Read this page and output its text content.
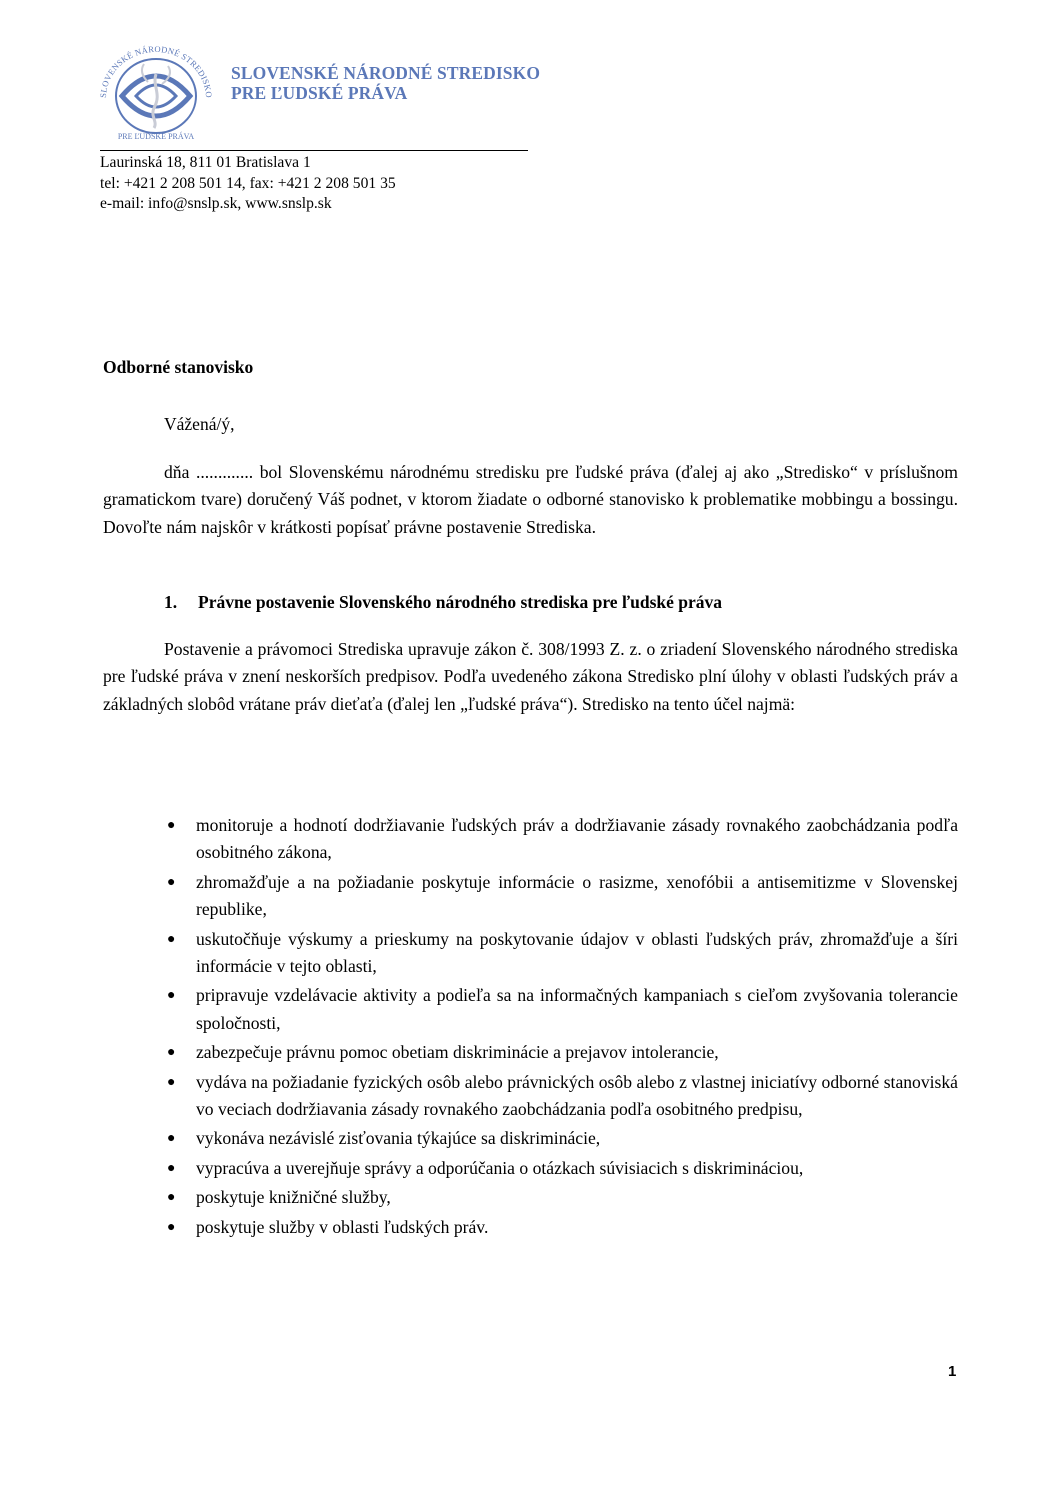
SLOVENSKÉ NÁRODNÉ STREDISKO
PRE ĽUDSKÉ PRÁVA
SLOVENSKÉ NÁRODNÉ STREDISKO
PRE ĽUDSKÉ PRÁVA
Laurinská 18, 811 01 Bratislava 1
tel: +421 2 208 501 14, fax: +421 2 208 501 35
e-mail: info@snslp.sk, www.snslp.sk
Odborné stanovisko
Vážená/ý,
dňa ............. bol Slovenskému národnému stredisku pre ľudské práva (ďalej aj ako „Stredisko“ v príslušnom gramatickom tvare) doručený Váš podnet, v ktorom žiadate o odborné stanovisko k problematike mobbingu a bossingu. Dovoľte nám najskôr v krátkosti popísať právne postavenie Strediska.
1. Právne postavenie Slovenského národného strediska pre ľudské práva
Postavenie a právomoci Strediska upravuje zákon č. 308/1993 Z. z. o zriadení Slovenského národného strediska pre ľudské práva v znení neskorších predpisov. Podľa uvedeného zákona Stredisko plní úlohy v oblasti ľudských práv a základných slobôd vrátane práv dieťaťa (ďalej len „ľudské práva“). Stredisko na tento účel najmä:
● monitoruje a hodnotí dodržiavanie ľudských práv a dodržiavanie zásady rovnakého zaobchádzania podľa osobitného zákona,
● zhromažďuje a na požiadanie poskytuje informácie o rasizme, xenofóbii a antisemitizme v Slovenskej republike,
● uskutočňuje výskumy a prieskumy na poskytovanie údajov v oblasti ľudských práv, zhromažďuje a šíri informácie v tejto oblasti,
● pripravuje vzdelávacie aktivity a podieľa sa na informačných kampaniach s cieľom zvyšovania tolerancie spoločnosti,
● zabezpečuje právnu pomoc obetiam diskriminácie a prejavov intolerancie,
● vydáva na požiadanie fyzických osôb alebo právnických osôb alebo z vlastnej iniciatívy odborné stanoviská vo veciach dodržiavania zásady rovnakého zaobchádzania podľa osobitného predpisu,
● vykonáva nezávislé zisťovania týkajúce sa diskriminácie,
● vypracúva a uverejňuje správy a odporúčania o otázkach súvisiacich s diskrimináciou,
● poskytuje knižničné služby,
● poskytuje služby v oblasti ľudských práv.
1
